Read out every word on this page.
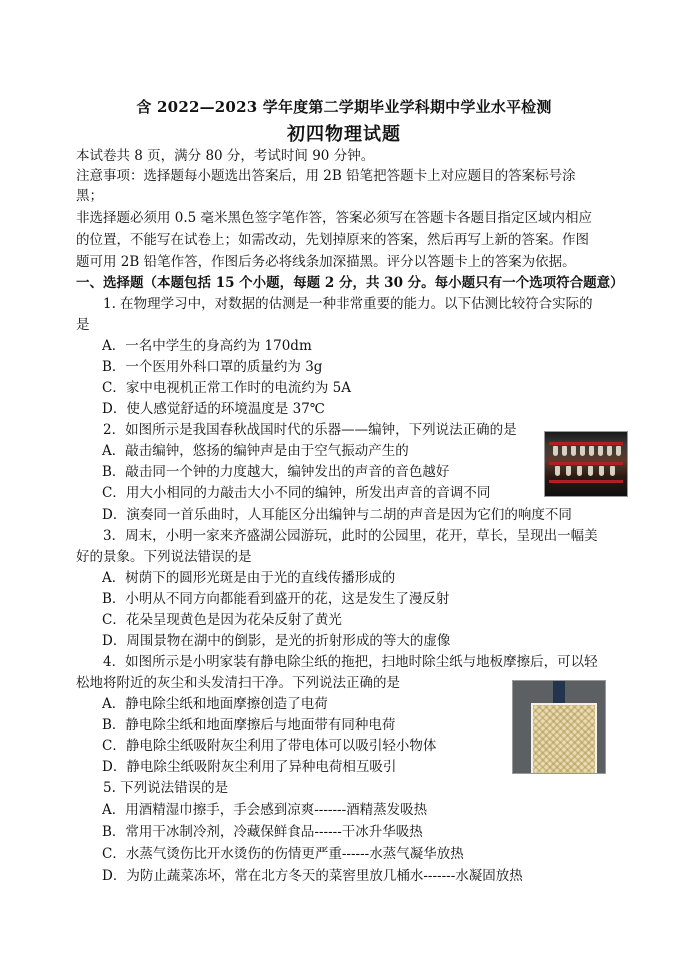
含 2022—2023 学年度第二学期毕业学科期中学业水平检测
初四物理试题
本试卷共 8 页，满分 80 分，考试时间 90 分钟。
注意事项：选择题每小题选出答案后，用 2B 铅笔把答题卡上对应题目的答案标号涂
黑；
非选择题必须用 0.5 毫米黑色签字笔作答，答案必须写在答题卡各题目指定区域内相应
的位置，不能写在试卷上；如需改动，先划掉原来的答案，然后再写上新的答案。作图
题可用 2B 铅笔作答，作图后务必将线条加深描黑。评分以答题卡上的答案为依据。
一、选择题（本题包括 15 个小题，每题 2 分，共 30 分。每小题只有一个选项符合题意）
1. 在物理学习中，对数据的估测是一种非常重要的能力。以下估测比较符合实际的
是
A．一名中学生的身高约为 170dm
B．一个医用外科口罩的质量约为 3g
C．家中电视机正常工作时的电流约为 5A
D．使人感觉舒适的环境温度是 37℃
2．如图所示是我国春秋战国时代的乐器——编钟，下列说法正确的是
A．敲击编钟，悠扬的编钟声是由于空气振动产生的
B．敲击同一个钟的力度越大，编钟发出的声音的音色越好
C．用大小相同的力敲击大小不同的编钟，所发出声音的音调不同
D．演奏同一首乐曲时，人耳能区分出编钟与二胡的声音是因为它们的响度不同
3．周末，小明一家来齐盛湖公园游玩，此时的公园里，花开，草长，呈现出一幅美
好的景象。下列说法错误的是
A．树荫下的圆形光斑是由于光的直线传播形成的
B．小明从不同方向都能看到盛开的花，这是发生了漫反射
C．花朵呈现黄色是因为花朵反射了黄光
D．周围景物在湖中的倒影，是光的折射形成的等大的虚像
4．如图所示是小明家装有静电除尘纸的拖把，扫地时除尘纸与地板摩擦后，可以轻
松地将附近的灰尘和头发清扫干净。下列说法正确的是
A．静电除尘纸和地面摩擦创造了电荷
B．静电除尘纸和地面摩擦后与地面带有同种电荷
C．静电除尘纸吸附灰尘利用了带电体可以吸引轻小物体
D．静电除尘纸吸附灰尘利用了异种电荷相互吸引
5. 下列说法错误的是
A．用酒精湿巾擦手，手会感到凉爽-------酒精蒸发吸热
B．常用干冰制冷剂，冷藏保鲜食品------干冰升华吸热
C．水蒸气烫伤比开水烫伤的伤情更严重------水蒸气凝华放热
D．为防止蔬菜冻坏，常在北方冬天的菜窖里放几桶水-------水凝固放热
